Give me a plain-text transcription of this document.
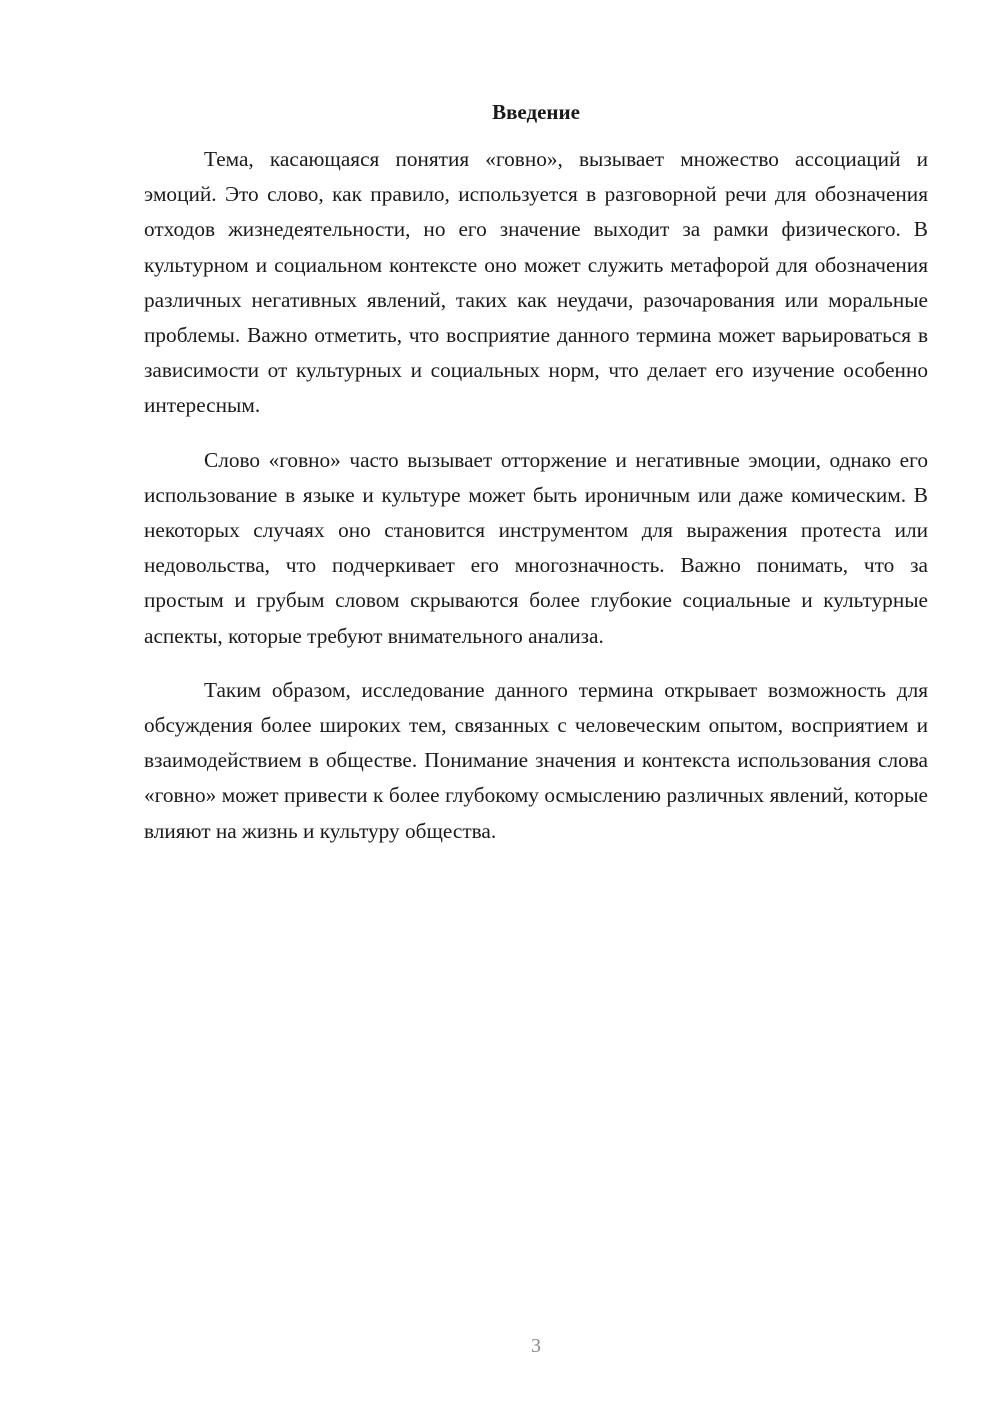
Введение

Тема, касающаяся понятия «говно», вызывает множество ассоциаций и эмоций. Это слово, как правило, используется в разговорной речи для обозначения отходов жизнедеятельности, но его значение выходит за рамки физического. В культурном и социальном контексте оно может служить метафорой для обозначения различных негативных явлений, таких как неудачи, разочарования или моральные проблемы. Важно отметить, что восприятие данного термина может варьироваться в зависимости от культурных и социальных норм, что делает его изучение особенно интересным.

Слово «говно» часто вызывает отторжение и негативные эмоции, однако его использование в языке и культуре может быть ироничным или даже комическим. В некоторых случаях оно становится инструментом для выражения протеста или недовольства, что подчеркивает его многозначность. Важно понимать, что за простым и грубым словом скрываются более глубокие социальные и культурные аспекты, которые требуют внимательного анализа.

Таким образом, исследование данного термина открывает возможность для обсуждения более широких тем, связанных с человеческим опытом, восприятием и взаимодействием в обществе. Понимание значения и контекста использования слова «говно» может привести к более глубокому осмыслению различных явлений, которые влияют на жизнь и культуру общества.

3
